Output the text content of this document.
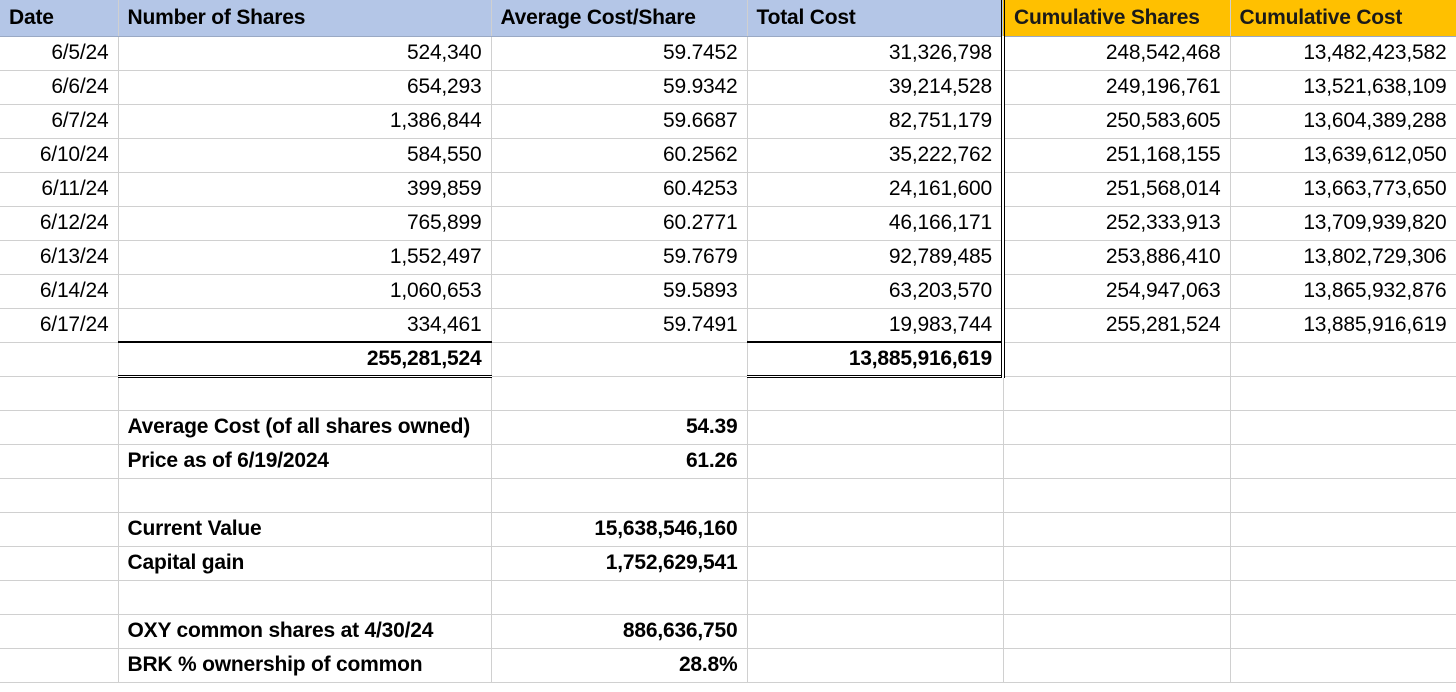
Date	Number of Shares	Average Cost/Share	Total Cost	Cumulative Shares	Cumulative Cost
6/5/24	524,340	59.7452	31,326,798	248,542,468	13,482,423,582
6/6/24	654,293	59.9342	39,214,528	249,196,761	13,521,638,109
6/7/24	1,386,844	59.6687	82,751,179	250,583,605	13,604,389,288
6/10/24	584,550	60.2562	35,222,762	251,168,155	13,639,612,050
6/11/24	399,859	60.4253	24,161,600	251,568,014	13,663,773,650
6/12/24	765,899	60.2771	46,166,171	252,333,913	13,709,939,820
6/13/24	1,552,497	59.7679	92,789,485	253,886,410	13,802,729,306
6/14/24	1,060,653	59.5893	63,203,570	254,947,063	13,865,932,876
6/17/24	334,461	59.7491	19,983,744	255,281,524	13,885,916,619
	255,281,524		13,885,916,619		

	Average Cost (of all shares owned)	54.39			
	Price as of 6/19/2024	61.26			

	Current Value	15,638,546,160			
	Capital gain	1,752,629,541			

	OXY common shares at 4/30/24	886,636,750			
	BRK % ownership of common	28.8%			
